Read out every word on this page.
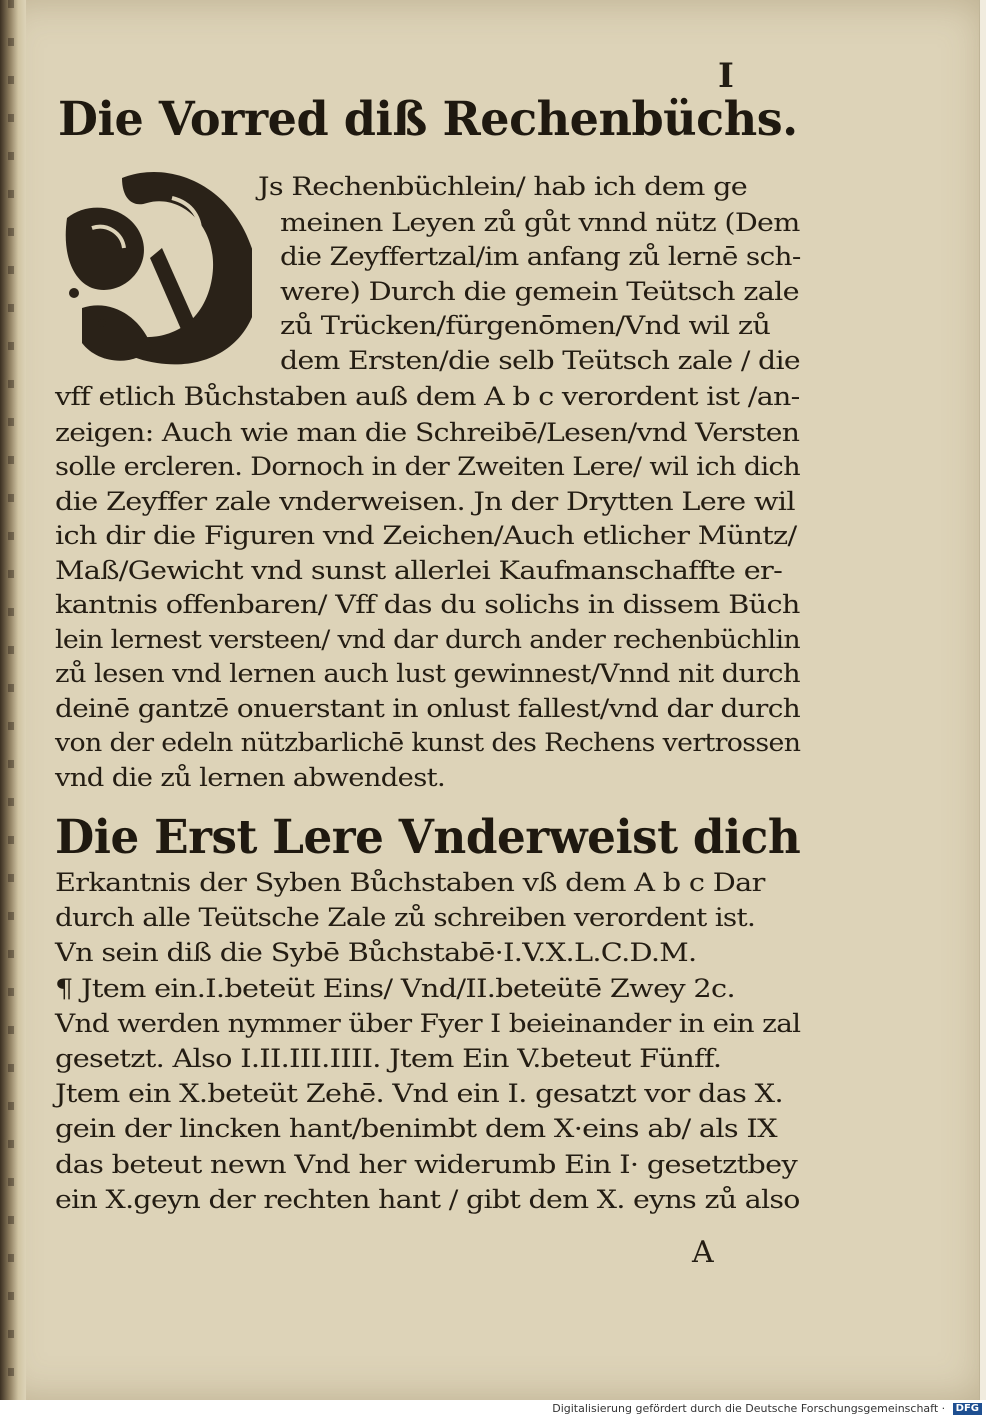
I
Die Vorred diß Rechenbüchs.
Js Rechenbüchlein/ hab ich dem ge
meinen Leyen zů gůt vnnd nütz (Dem
die Zeyffertzal/im anfang zů lernē sch-
were) Durch die gemein Teütsch zale
zů Trücken/fürgenōmen/Vnd wil zů
dem Ersten/die selb Teütsch zale / die
vff etlich Bůchstaben auß dem A b c verordent ist /an-
zeigen: Auch wie man die Schreibē/Lesen/vnd Versten
solle ercleren. Dornoch in der Zweiten Lere/ wil ich dich
die Zeyffer zale vnderweisen. Jn der Drytten Lere wil
ich dir die Figuren vnd Zeichen/Auch etlicher Müntz/
Maß/Gewicht vnd sunst allerlei Kaufmanschaffte er-
kantnis offenbaren/ Vff das du solichs in dissem Büch
lein lernest versteen/ vnd dar durch ander rechenbüchlin
zů lesen vnd lernen auch lust gewinnest/Vnnd nit durch
deinē gantzē onuerstant in onlust fallest/vnd dar durch
von der edeln nützbarlichē kunst des Rechens vertrossen
vnd die zů lernen abwendest.
Die Erst Lere Vnderweist dich
Erkantnis der Syben Bůchstaben vß dem A b c Dar
durch alle Teütsche Zale zů schreiben verordent ist.
Vn sein diß die Sybē Bůchstabē·I.V.X.L.C.D.M.
¶ Jtem ein.I.beteüt Eins/ Vnd/II.beteütē Zwey 2c.
Vnd werden nymmer über Fyer I beieinander in ein zal
gesetzt. Also I.II.III.IIII. Jtem Ein V.beteut Fünff.
Jtem ein X.beteüt Zehē. Vnd ein I. gesatzt vor das X.
gein der lincken hant/benimbt dem X·eins ab/ als IX
das beteut newn Vnd her widerumb Ein I· gesetztbey
ein X.geyn der rechten hant / gibt dem X. eyns zů also
A
Digitalisierung gefördert durch die Deutsche Forschungsgemeinschaft · DFG
